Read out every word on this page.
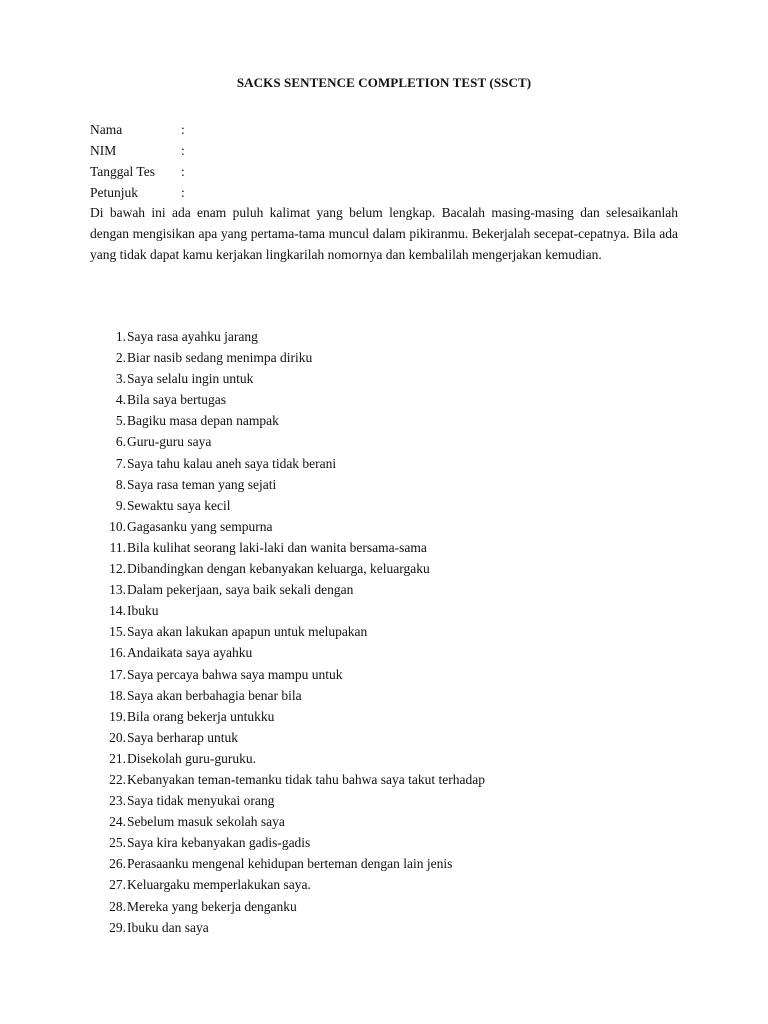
SACKS SENTENCE COMPLETION TEST (SSCT)
Nama	:
NIM	:
Tanggal Tes	:
Petunjuk	:
Di bawah ini ada enam puluh kalimat yang belum lengkap. Bacalah masing-masing dan selesaikanlah dengan mengisikan apa yang pertama-tama muncul dalam pikiranmu. Bekerjalah secepat-cepatnya. Bila ada yang tidak dapat kamu kerjakan lingkarilah nomornya dan kembalilah mengerjakan kemudian.
1. Saya rasa ayahku jarang
2. Biar nasib sedang menimpa diriku
3. Saya selalu ingin untuk
4. Bila saya bertugas
5. Bagiku masa depan nampak
6. Guru-guru saya
7. Saya tahu kalau aneh saya tidak berani
8. Saya rasa teman yang sejati
9. Sewaktu saya kecil
10. Gagasanku yang sempurna
11. Bila kulihat seorang laki-laki dan wanita bersama-sama
12. Dibandingkan dengan kebanyakan keluarga, keluargaku
13. Dalam pekerjaan, saya baik sekali dengan
14. Ibuku
15. Saya akan lakukan apapun untuk melupakan
16. Andaikata saya ayahku
17. Saya percaya bahwa saya mampu untuk
18. Saya akan berbahagia benar bila
19. Bila orang bekerja untukku
20. Saya berharap untuk
21. Disekolah guru-guruku.
22. Kebanyakan teman-temanku tidak tahu bahwa saya takut terhadap
23. Saya tidak menyukai orang
24. Sebelum masuk sekolah saya
25. Saya kira kebanyakan gadis-gadis
26. Perasaanku mengenal kehidupan berteman dengan lain jenis
27. Keluargaku memperlakukan saya.
28. Mereka yang bekerja denganku
29. Ibuku dan saya
